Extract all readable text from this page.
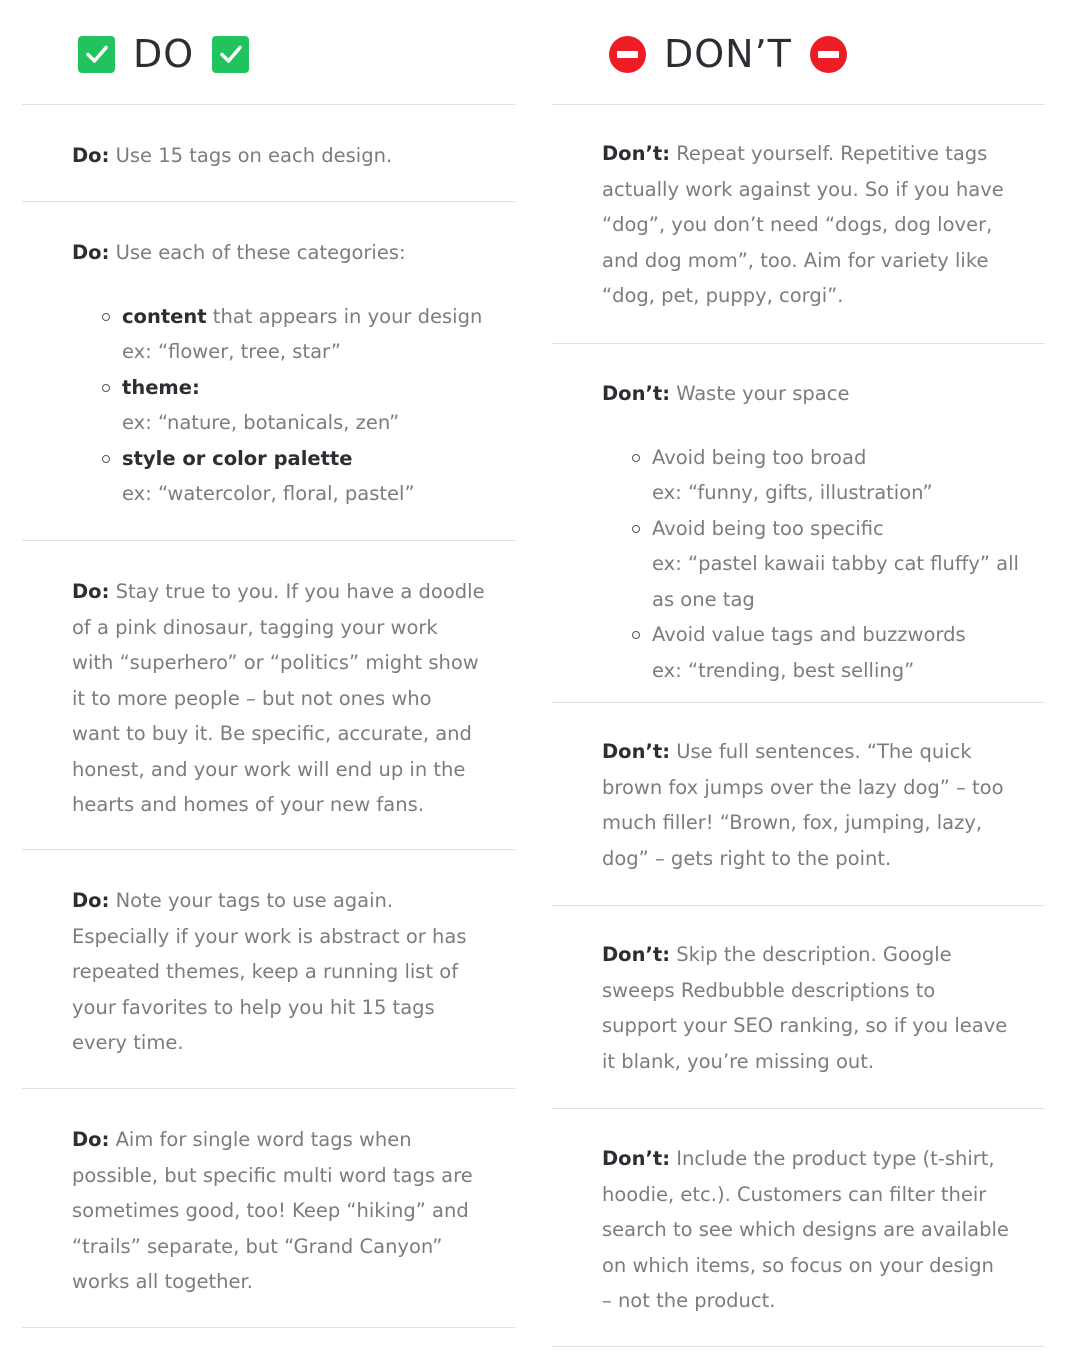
DO

Do: Use 15 tags on each design.

Do: Use each of these categories:

content that appears in your design
ex: “flower, tree, star”
theme:
ex: “nature, botanicals, zen”
style or color palette
ex: “watercolor, floral, pastel”

Do: Stay true to you. If you have a doodle

of a pink dinosaur, tagging your work

with “superhero” or “politics” might show

it to more people – but not ones who

want to buy it. Be specific, accurate, and

honest, and your work will end up in the

hearts and homes of your new fans.

Do: Note your tags to use again.

Especially if your work is abstract or has

repeated themes, keep a running list of

your favorites to help you hit 15 tags

every time.

Do: Aim for single word tags when

possible, but specific multi word tags are

sometimes good, too! Keep “hiking” and

“trails” separate, but “Grand Canyon”

works all together.

DON’T

Don’t: Repeat yourself. Repetitive tags

actually work against you. So if you have

“dog”, you don’t need “dogs, dog lover,

and dog mom”, too. Aim for variety like

“dog, pet, puppy, corgi”.

Don’t: Waste your space

Avoid being too broad
ex: “funny, gifts, illustration”
Avoid being too specific
ex: “pastel kawaii tabby cat fluffy” all
as one tag
Avoid value tags and buzzwords
ex: “trending, best selling”

Don’t: Use full sentences. “The quick

brown fox jumps over the lazy dog” – too

much filler! “Brown, fox, jumping, lazy,

dog” – gets right to the point.

Don’t: Skip the description. Google

sweeps Redbubble descriptions to

support your SEO ranking, so if you leave

it blank, you’re missing out.

Don’t: Include the product type (t-shirt,

hoodie, etc.). Customers can filter their

search to see which designs are available

on which items, so focus on your design

– not the product.
